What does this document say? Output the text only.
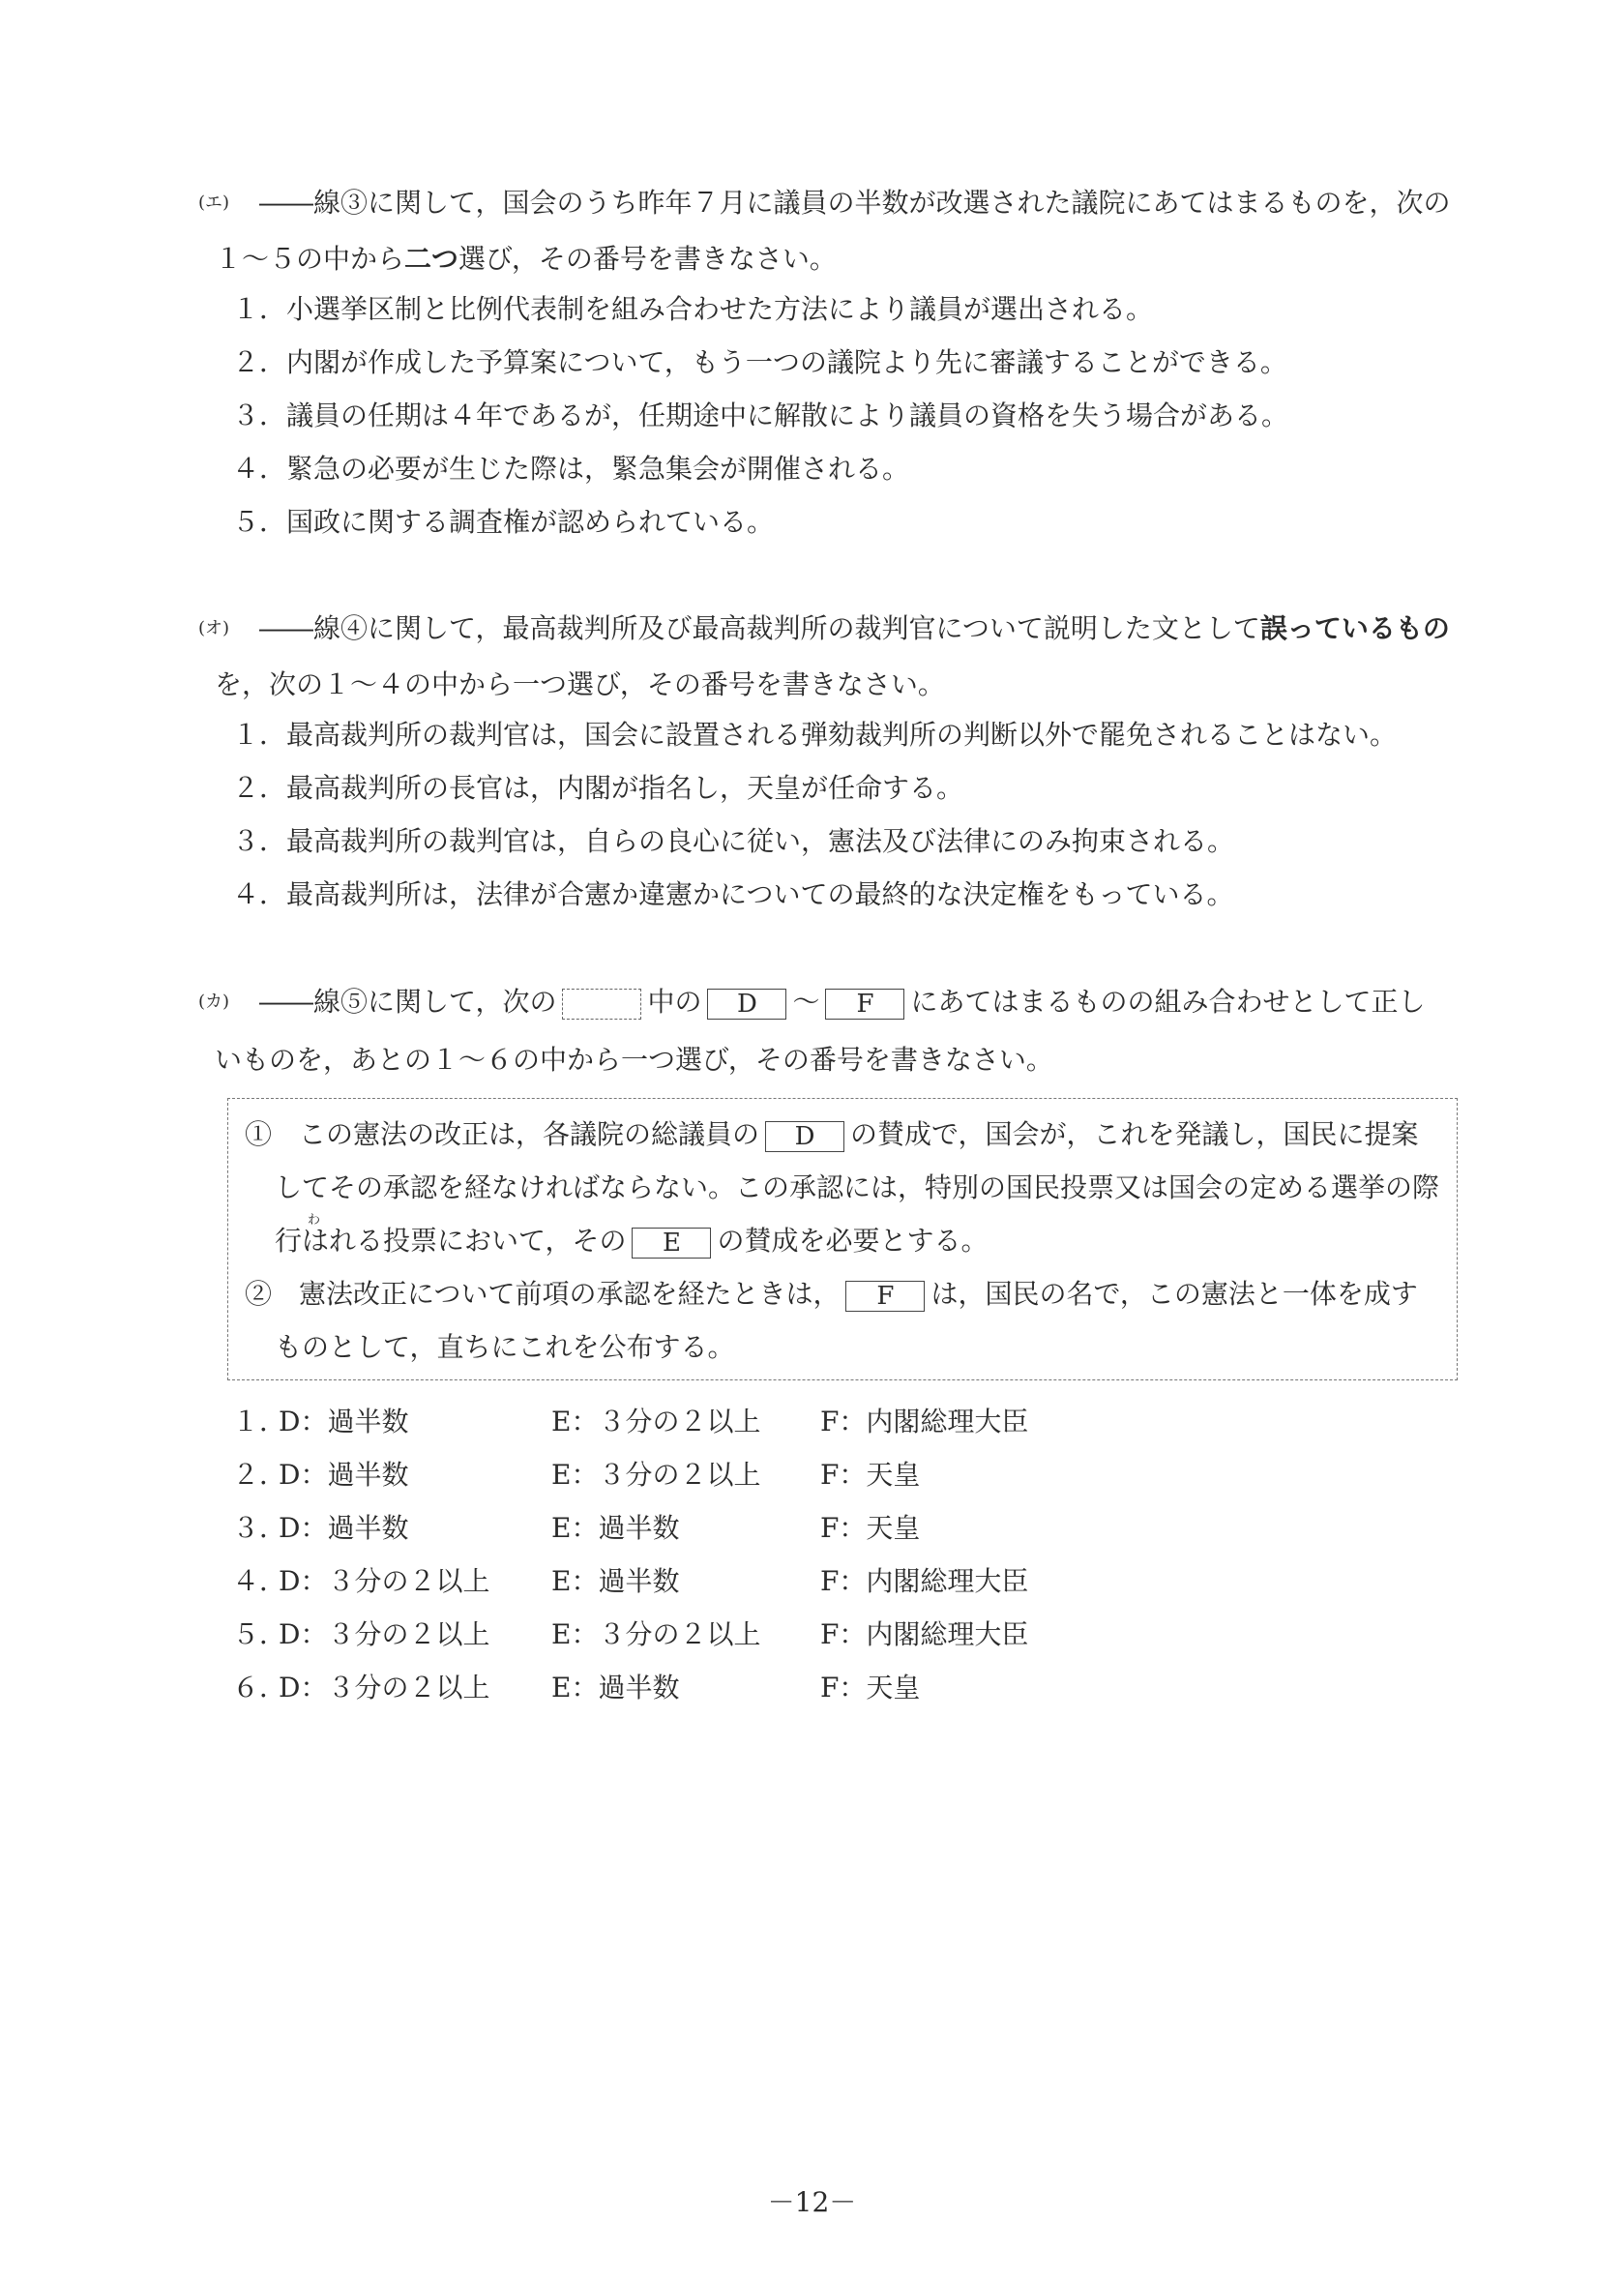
(エ) ――線③に関して，国会のうち昨年７月に議員の半数が改選された議院にあてはまるものを，次の
１～５の中から二つ選び，その番号を書きなさい。
１．小選挙区制と比例代表制を組み合わせた方法により議員が選出される。
２．内閣が作成した予算案について，もう一つの議院より先に審議することができる。
３．議員の任期は４年であるが，任期途中に解散により議員の資格を失う場合がある。
４．緊急の必要が生じた際は，緊急集会が開催される。
５．国政に関する調査権が認められている。
(オ) ――線④に関して，最高裁判所及び最高裁判所の裁判官について説明した文として誤っているもの
を，次の１～４の中から一つ選び，その番号を書きなさい。
１．最高裁判所の裁判官は，国会に設置される弾劾裁判所の判断以外で罷免されることはない。
２．最高裁判所の長官は，内閣が指名し，天皇が任命する。
３．最高裁判所の裁判官は，自らの良心に従い，憲法及び法律にのみ拘束される。
４．最高裁判所は，法律が合憲か違憲かについての最終的な決定権をもっている。
(カ) ――線⑤に関して，次の	中の D ～ F にあてはまるものの組み合わせとして正し
いものを，あとの１～６の中から一つ選び，その番号を書きなさい。
①　この憲法の改正は，各議院の総議員の D の賛成で，国会が，これを発議し，国民に提案
してその承認を経なければならない。この承認には，特別の国民投票又は国会の定める選挙の際
わ
行はれる投票において，その E の賛成を必要とする。
②　憲法改正について前項の承認を経たときは， F は，国民の名で，この憲法と一体を成す
ものとして，直ちにこれを公布する。
１．
D：過半数	E：３分の２以上 F：内閣総理大臣
２．
D：過半数	E：３分の２以上 F：天皇
３．
D：過半数	E：過半数	F：天皇
４．
D：３分の２以上 E：過半数	F：内閣総理大臣
５．
D：３分の２以上 E：３分の２以上 F：内閣総理大臣
６．
D：３分の２以上 E：過半数	F：天皇
－12－
